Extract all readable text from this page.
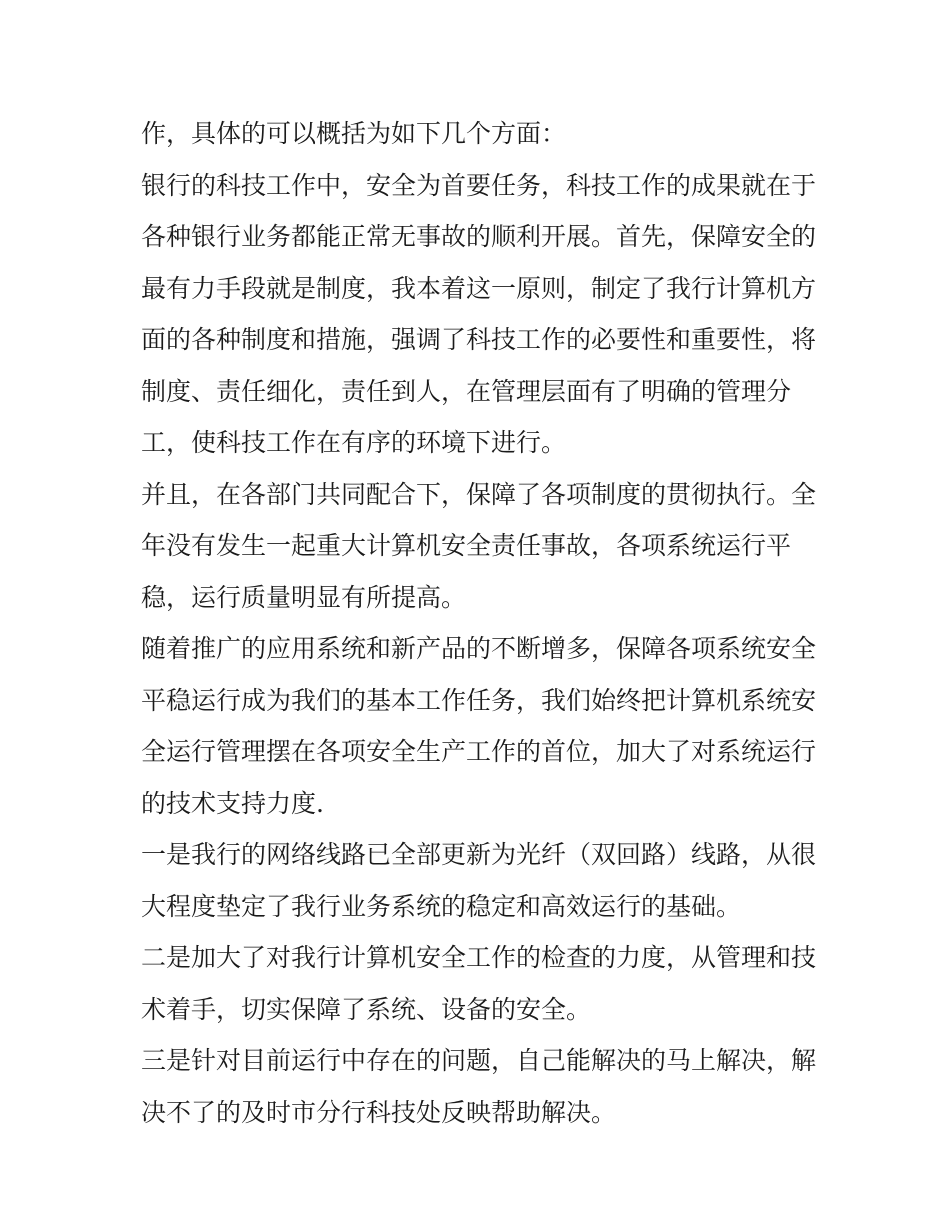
作，具体的可以概括为如下几个方面：
银行的科技工作中，安全为首要任务，科技工作的成果就在于
各种银行业务都能正常无事故的顺利开展。首先，保障安全的
最有力手段就是制度，我本着这一原则，制定了我行计算机方
面的各种制度和措施，强调了科技工作的必要性和重要性，将
制度、责任细化，责任到人，在管理层面有了明确的管理分
工，使科技工作在有序的环境下进行。
并且，在各部门共同配合下，保障了各项制度的贯彻执行。全
年没有发生一起重大计算机安全责任事故，各项系统运行平
稳，运行质量明显有所提高。
随着推广的应用系统和新产品的不断增多，保障各项系统安全
平稳运行成为我们的基本工作任务，我们始终把计算机系统安
全运行管理摆在各项安全生产工作的首位，加大了对系统运行
的技术支持力度.
一是我行的网络线路已全部更新为光纤（双回路）线路，从很
大程度垫定了我行业务系统的稳定和高效运行的基础。
二是加大了对我行计算机安全工作的检查的力度，从管理和技
术着手，切实保障了系统、设备的安全。
三是针对目前运行中存在的问题，自己能解决的马上解决，解
决不了的及时市分行科技处反映帮助解决。
